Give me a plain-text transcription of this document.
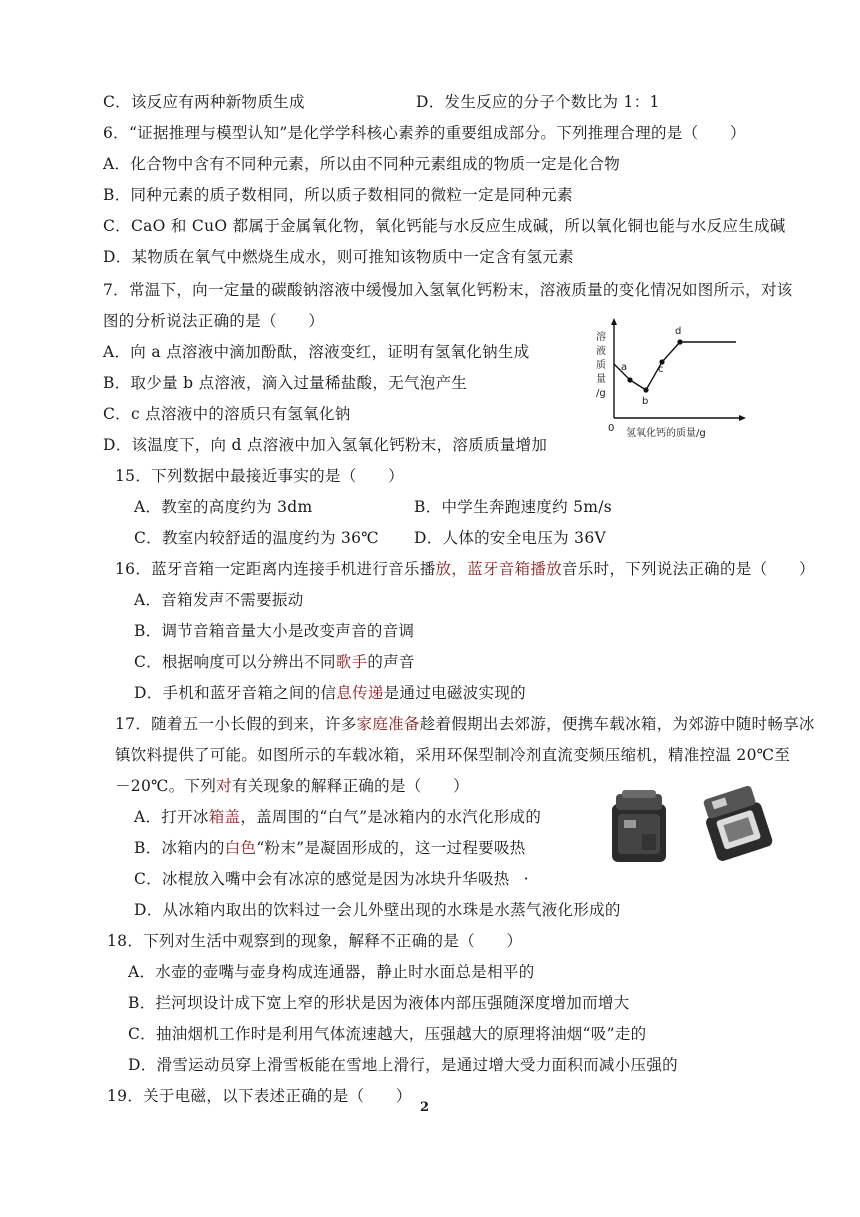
C．该反应有两种新物质生成	D．发生反应的分子个数比为 1：1
6．“证据推理与模型认知”是化学学科核心素养的重要组成部分。下列推理合理的是（　　）
A．化合物中含有不同种元素，所以由不同种元素组成的物质一定是化合物
B．同种元素的质子数相同，所以质子数相同的微粒一定是同种元素
C．CaO 和 CuO 都属于金属氧化物，氧化钙能与水反应生成碱，所以氧化铜也能与水反应生成碱
D．某物质在氧气中燃烧生成水，则可推知该物质中一定含有氢元素
7．常温下，向一定量的碳酸钠溶液中缓慢加入氢氧化钙粉末，溶液质量的变化情况如图所示，对该
图的分析说法正确的是（　　）
A．向 a 点溶液中滴加酚酞，溶液变红，证明有氢氧化钠生成
B．取少量 b 点溶液，滴入过量稀盐酸，无气泡产生
C．c 点溶液中的溶质只有氢氧化钠
D．该温度下，向 d 点溶液中加入氢氧化钙粉末，溶质质量增加
溶
液
质
量
/g
0 氢氧化钙的质量/g
a
b
c
d
15．下列数据中最接近事实的是（　　）
A．教室的高度约为 3dm	B．中学生奔跑速度约 5m/s
C．教室内较舒适的温度约为 36℃ D．人体的安全电压为 36V
16．蓝牙音箱一定距离内连接手机进行音乐播放，蓝牙音箱播放音乐时，下列说法正确的是（　　）
A．音箱发声不需要振动
B．调节音箱音量大小是改变声音的音调
C．根据响度可以分辨出不同歌手的声音
D．手机和蓝牙音箱之间的信息传递是通过电磁波实现的
17．随着五一小长假的到来，许多家庭准备趁着假期出去郊游，便携车载冰箱，为郊游中随时畅享冰
镇饮料提供了可能。如图所示的车载冰箱，采用环保型制冷剂直流变频压缩机，精准控温 20℃至
－20℃。下列对有关现象的解释正确的是（　　）
A．打开冰箱盖，盖周围的“白气”是冰箱内的水汽化形成的
B．冰箱内的白色“粉末”是凝固形成的，这一过程要吸热
C．冰棍放入嘴中会有冰凉的感觉是因为冰块升华吸热 ·
D．从冰箱内取出的饮料过一会儿外壁出现的水珠是水蒸气液化形成的
18．下列对生活中观察到的现象，解释不正确的是（　　）
A．水壶的壶嘴与壶身构成连通器，静止时水面总是相平的
B．拦河坝设计成下宽上窄的形状是因为液体内部压强随深度增加而增大
C．抽油烟机工作时是利用气体流速越大，压强越大的原理将油烟“吸”走的
D．滑雪运动员穿上滑雪板能在雪地上滑行，是通过增大受力面积而减小压强的
19．关于电磁，以下表述正确的是（　　）
2
